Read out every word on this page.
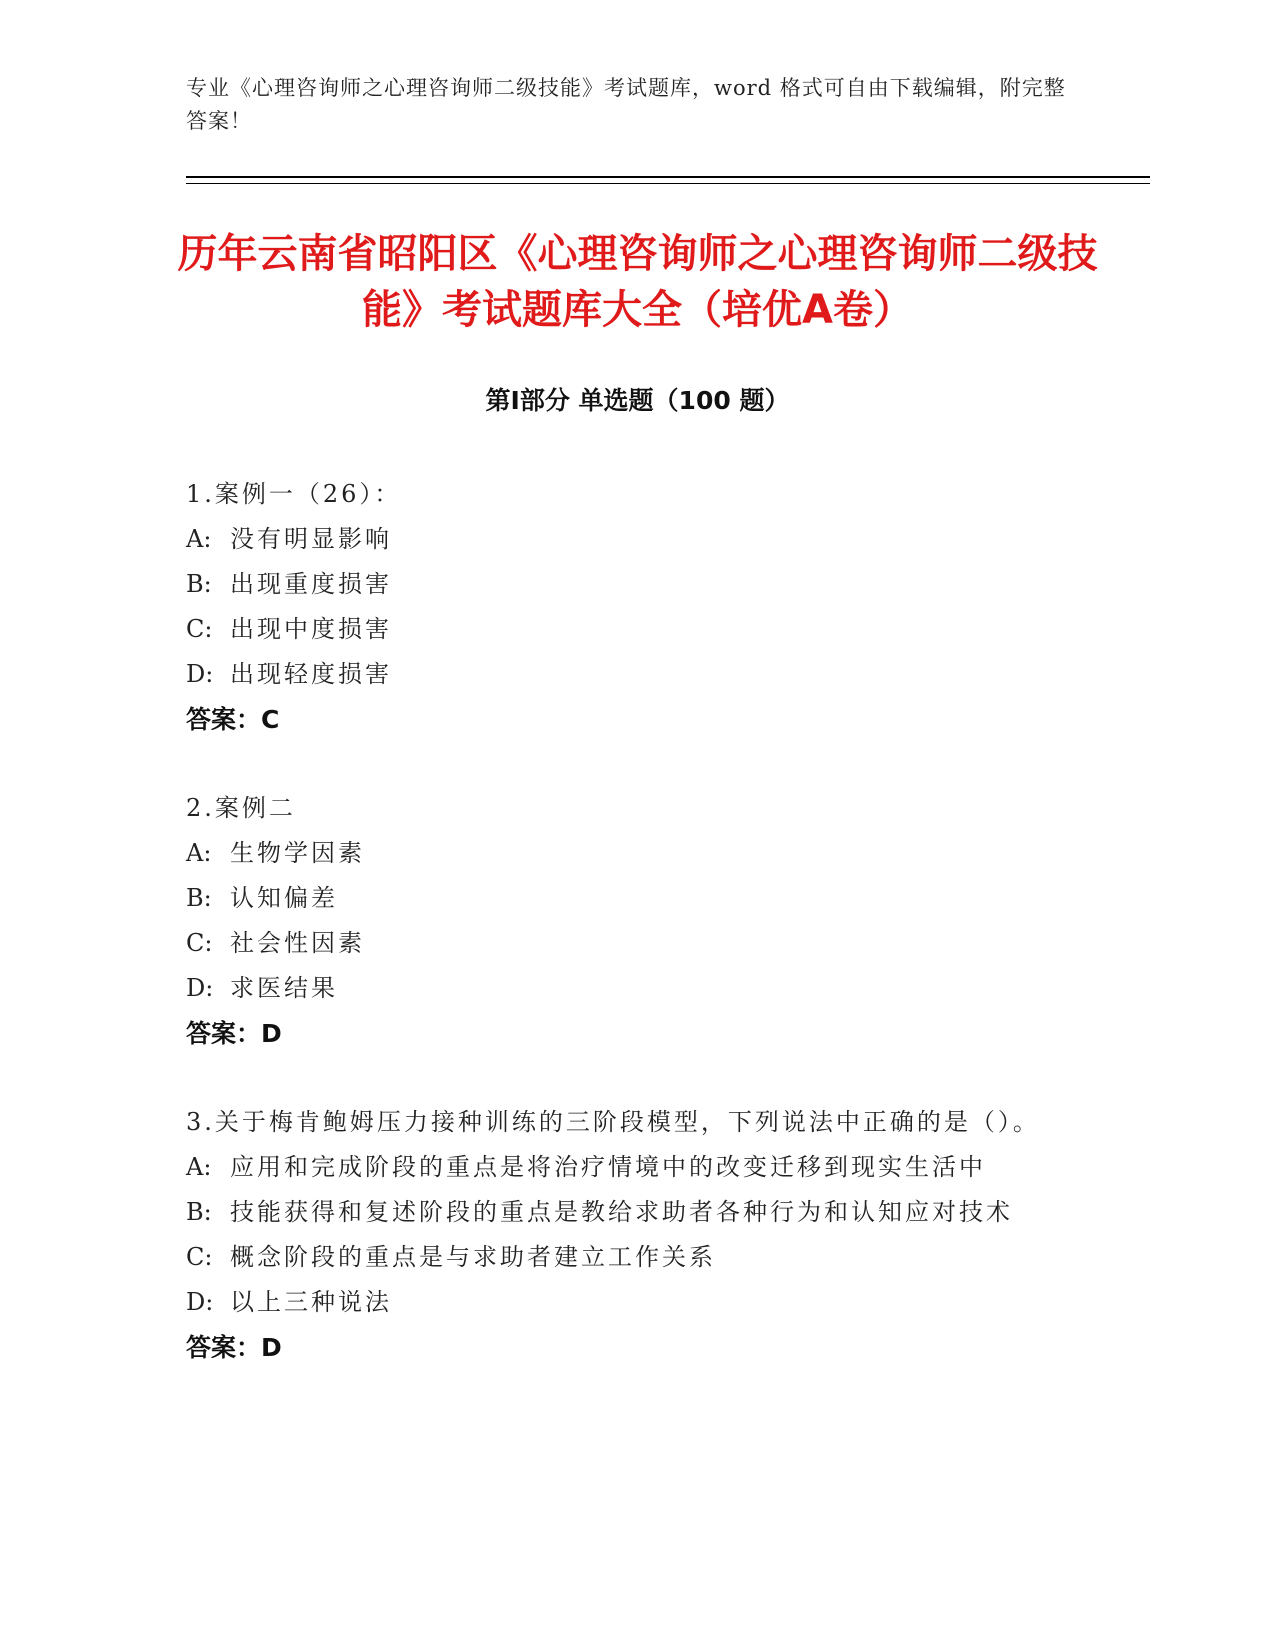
专业《心理咨询师之心理咨询师二级技能》考试题库，word 格式可自由下载编辑，附完整答案！
历年云南省昭阳区《心理咨询师之心理咨询师二级技能》考试题库大全（培优A卷）
第Ⅰ部分 单选题（100 题）
1.案例一（26）：
A: 没有明显影响
B: 出现重度损害
C: 出现中度损害
D: 出现轻度损害
答案：C
2.案例二
A: 生物学因素
B: 认知偏差
C: 社会性因素
D: 求医结果
答案：D
3.关于梅肯鲍姆压力接种训练的三阶段模型，下列说法中正确的是（）。
A: 应用和完成阶段的重点是将治疗情境中的改变迁移到现实生活中
B: 技能获得和复述阶段的重点是教给求助者各种行为和认知应对技术
C: 概念阶段的重点是与求助者建立工作关系
D: 以上三种说法
答案：D
